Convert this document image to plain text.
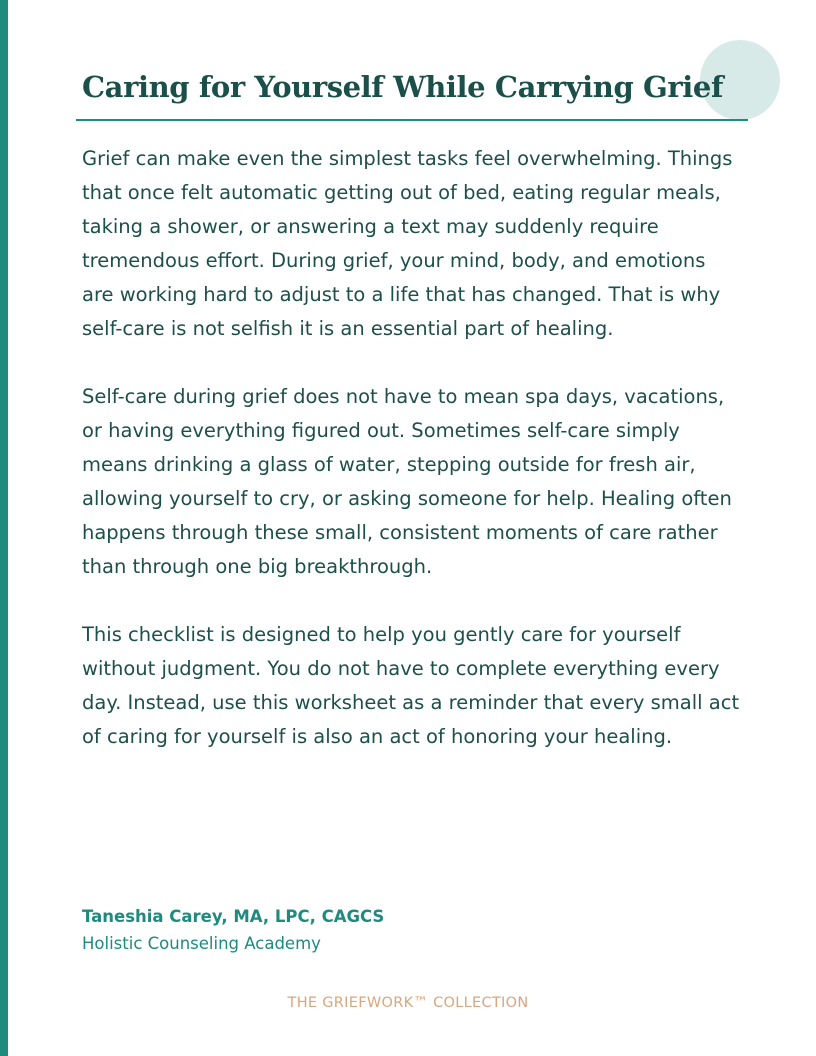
Caring for Yourself While Carrying Grief

Grief can make even the simplest tasks feel overwhelming. Things that once felt automatic getting out of bed, eating regular meals, taking a shower, or answering a text may suddenly require tremendous effort. During grief, your mind, body, and emotions are working hard to adjust to a life that has changed. That is why self-care is not selfish it is an essential part of healing.

Self-care during grief does not have to mean spa days, vacations, or having everything figured out. Sometimes self-care simply means drinking a glass of water, stepping outside for fresh air, allowing yourself to cry, or asking someone for help. Healing often happens through these small, consistent moments of care rather than through one big breakthrough.

This checklist is designed to help you gently care for yourself without judgment. You do not have to complete everything every day. Instead, use this worksheet as a reminder that every small act of caring for yourself is also an act of honoring your healing.

Taneshia Carey, MA, LPC, CAGCS
Holistic Counseling Academy
THE GRIEFWORK™ COLLECTION
